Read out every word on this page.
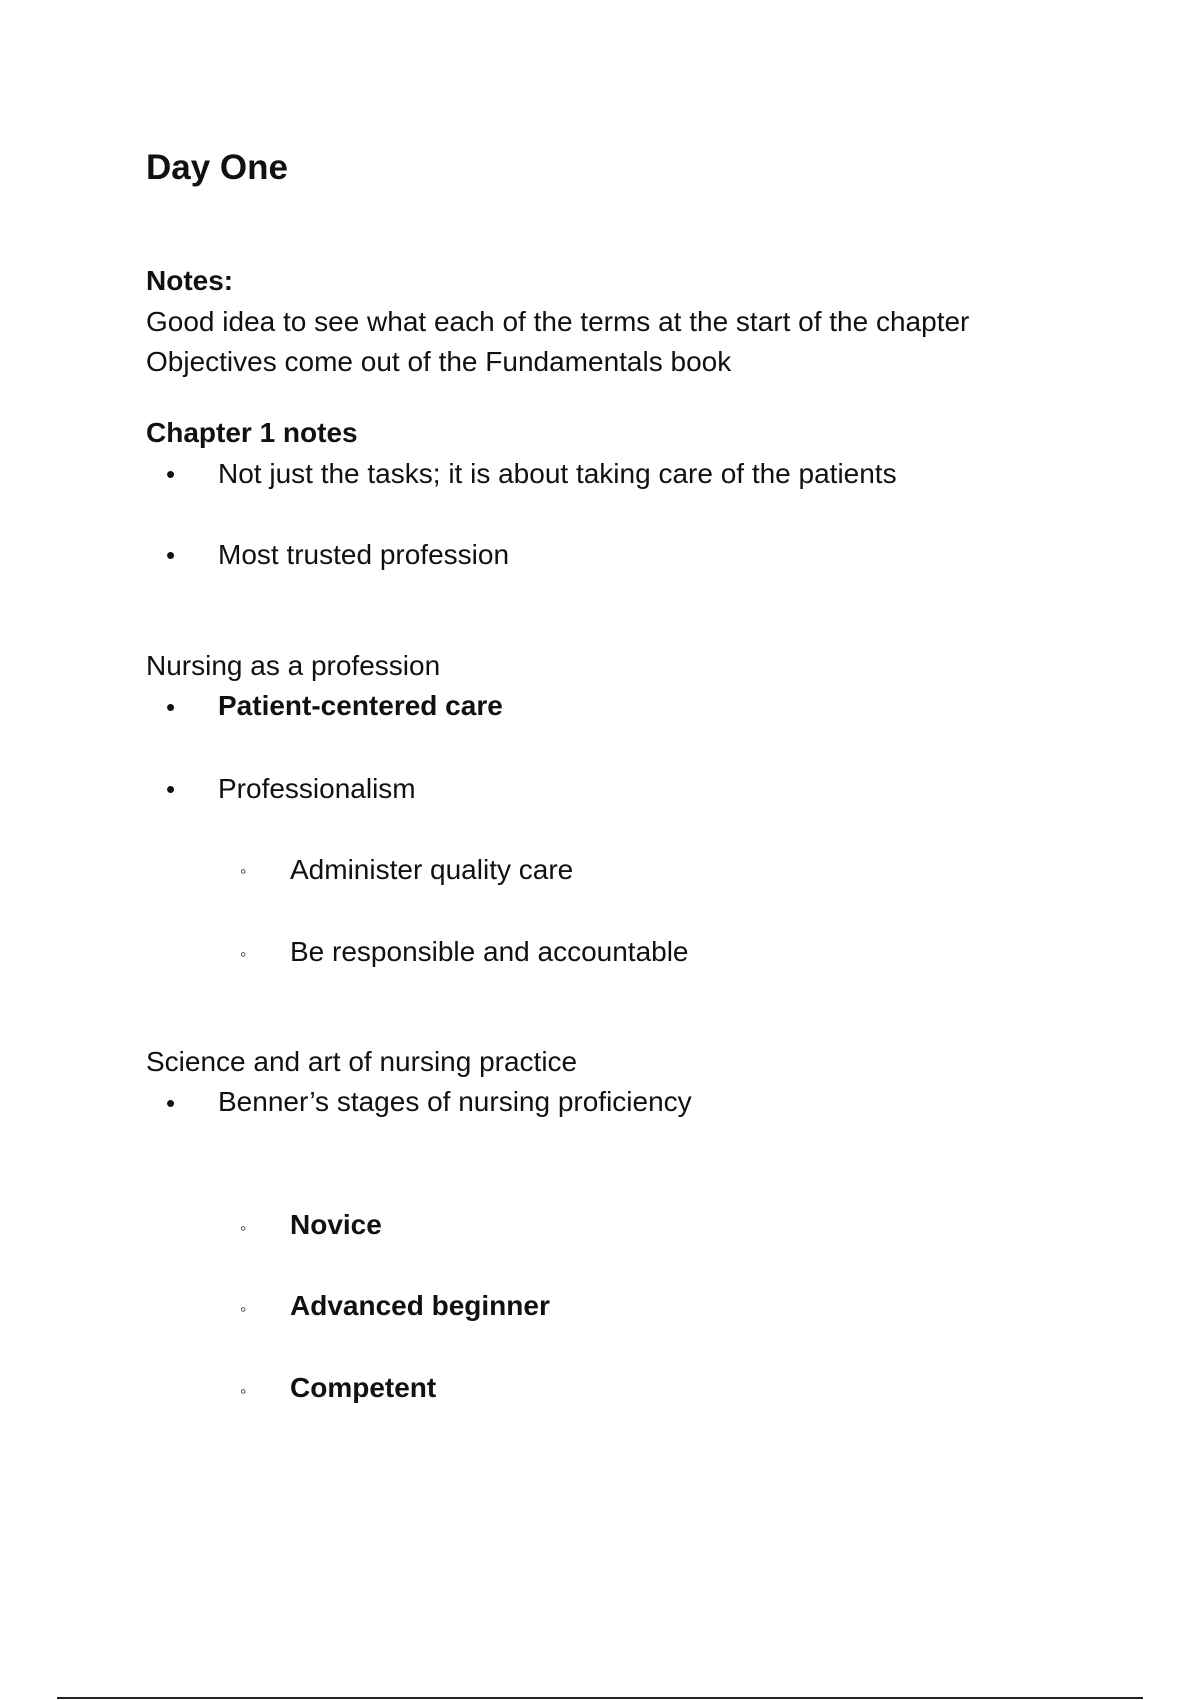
Day One
Notes:
Good idea to see what each of the terms at the start of the chapter
Objectives come out of the Fundamentals book
Chapter 1 notes
• Not just the tasks; it is about taking care of the patients
• Most trusted profession
Nursing as a profession
• Patient-centered care
• Professionalism
◦ Administer quality care
◦ Be responsible and accountable
Science and art of nursing practice
• Benner’s stages of nursing proficiency
◦ Novice
◦ Advanced beginner
◦ Competent
